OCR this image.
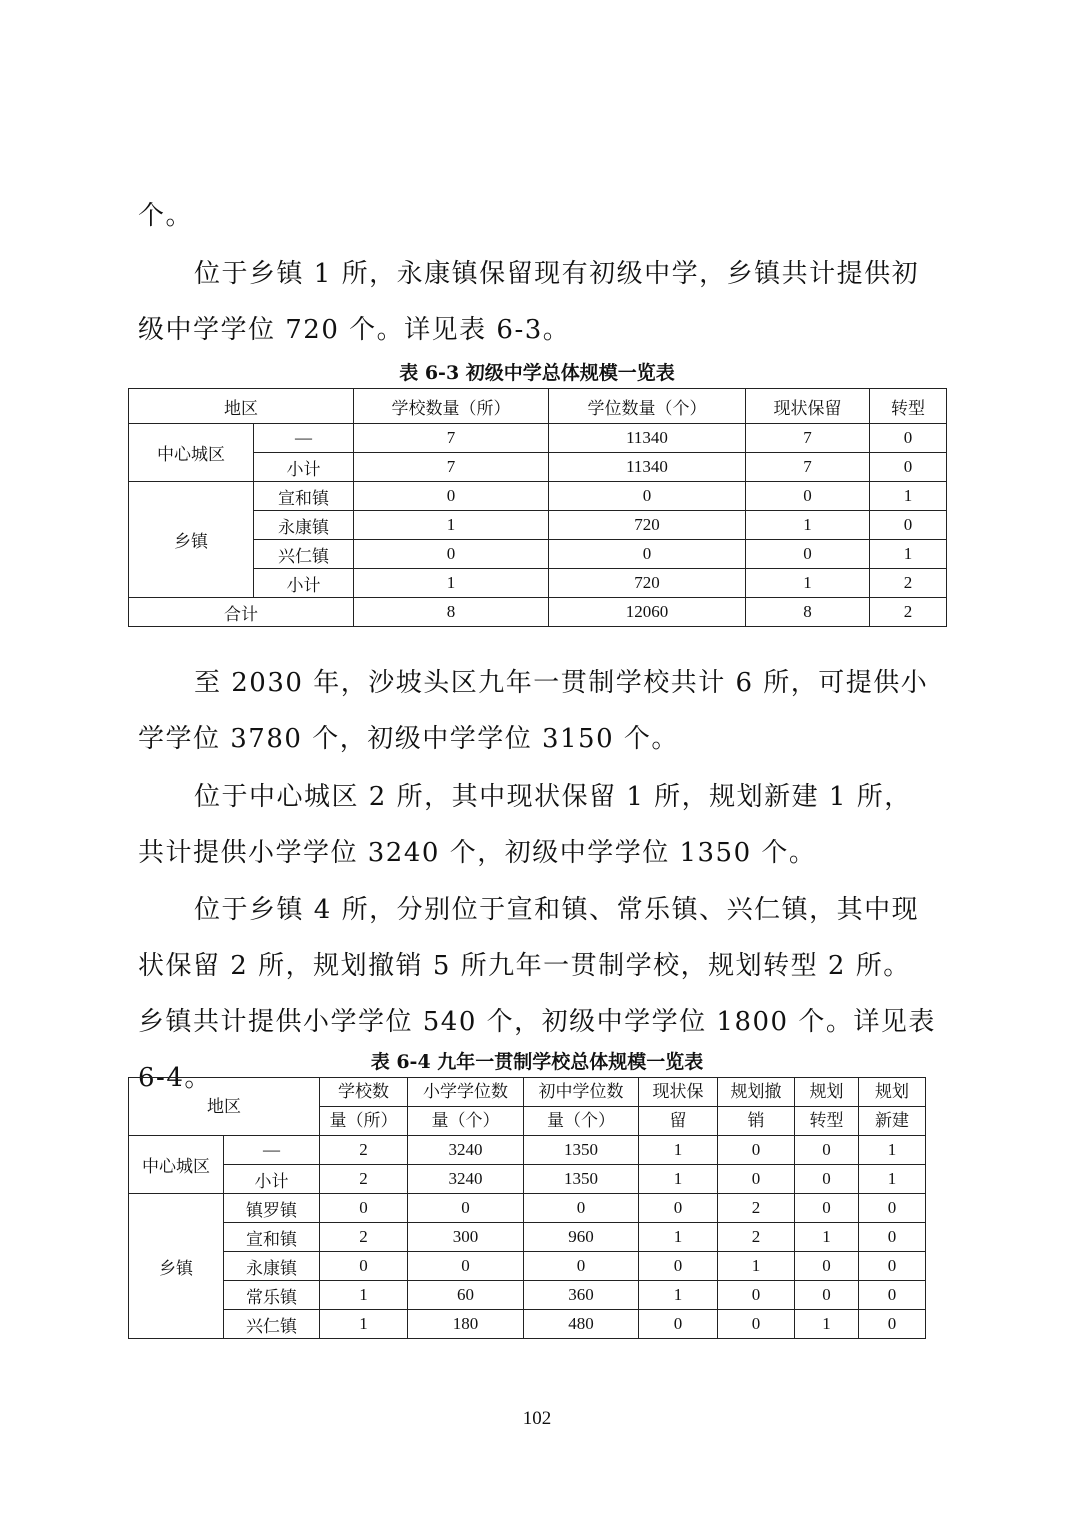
个。

位于乡镇 1 所，永康镇保留现有初级中学，乡镇共计提供初级中学学位 720 个。详见表 6-3。

表 6-3 初级中学总体规模一览表
地区		学校数量（所）	学位数量（个）	现状保留	转型
中心城区	—	7	11340	7	0
	小计	7	11340	7	0
乡镇	宣和镇	0	0	0	1
	永康镇	1	720	1	0
	兴仁镇	0	0	0	1
	小计	1	720	1	2
合计		8	12060	8	2

至 2030 年，沙坡头区九年一贯制学校共计 6 所，可提供小学学位 3780 个，初级中学学位 3150 个。

位于中心城区 2 所，其中现状保留 1 所，规划新建 1 所，共计提供小学学位 3240 个，初级中学学位 1350 个。

位于乡镇 4 所，分别位于宣和镇、常乐镇、兴仁镇，其中现状保留 2 所，规划撤销 5 所九年一贯制学校，规划转型 2 所。乡镇共计提供小学学位 540 个，初级中学学位 1800 个。详见表 6-4。

表 6-4 九年一贯制学校总体规模一览表
地区		学校数	小学学位数	初中学位数	现状保	规划撤	规划	规划
		量（所）	量（个）	量（个）	留	销	转型	新建
中心城区	—	2	3240	1350	1	0	0	1
	小计	2	3240	1350	1	0	0	1
乡镇	镇罗镇	0	0	0	0	2	0	0
	宣和镇	2	300	960	1	2	1	0
	永康镇	0	0	0	0	1	0	0
	常乐镇	1	60	360	1	0	0	0
	兴仁镇	1	180	480	0	0	1	0
102
